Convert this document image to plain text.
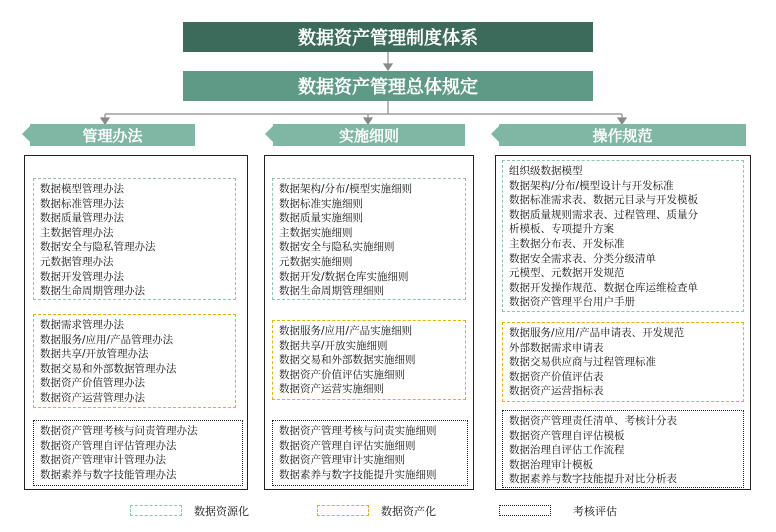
数据资产管理制度体系
数据资产管理总体规定
管理办法
数据模型管理办法
数据标准管理办法
数据质量管理办法
主数据管理办法
数据安全与隐私管理办法
元数据管理办法
数据开发管理办法
数据生命周期管理办法
数据需求管理办法
数据服务/应用/产品管理办法
数据共享/开放管理办法
数据交易和外部数据管理办法
数据资产价值管理办法
数据资产运营管理办法
数据资产管理考核与问责管理办法
数据资产管理自评估管理办法
数据资产管理审计管理办法
数据素养与数字技能管理办法
实施细则
数据架构/分布/模型实施细则
数据标准实施细则
数据质量实施细则
主数据实施细则
数据安全与隐私实施细则
元数据实施细则
数据开发/数据仓库实施细则
数据生命周期管理细则
数据服务/应用/产品实施细则
数据共享/开放实施细则
数据交易和外部数据实施细则
数据资产价值评估实施细则
数据资产运营实施细则
数据资产管理考核与问责实施细则
数据资产管理自评估实施细则
数据资产管理审计实施细则
数据素养与数字技能提升实施细则
操作规范
组织级数据模型
数据架构/分布/模型设计与开发标准
数据标准需求表、数据元目录与开发模板
数据质量规则需求表、过程管理、质量分
析模板、专项提升方案
主数据分布表、开发标准
数据安全需求表、分类分级清单
元模型、元数据开发规范
数据开发操作规范、数据仓库运维检查单
数据资产管理平台用户手册
数据服务/应用/产品申请表、开发规范
外部数据需求申请表
数据交易供应商与过程管理标准
数据资产价值评估表
数据资产运营指标表
数据资产管理责任清单、考核计分表
数据资产管理自评估模板
数据治理自评估工作流程
数据治理审计模板
数据素养与数字技能提升对比分析表
数据资源化	数据资产化	考核评估
